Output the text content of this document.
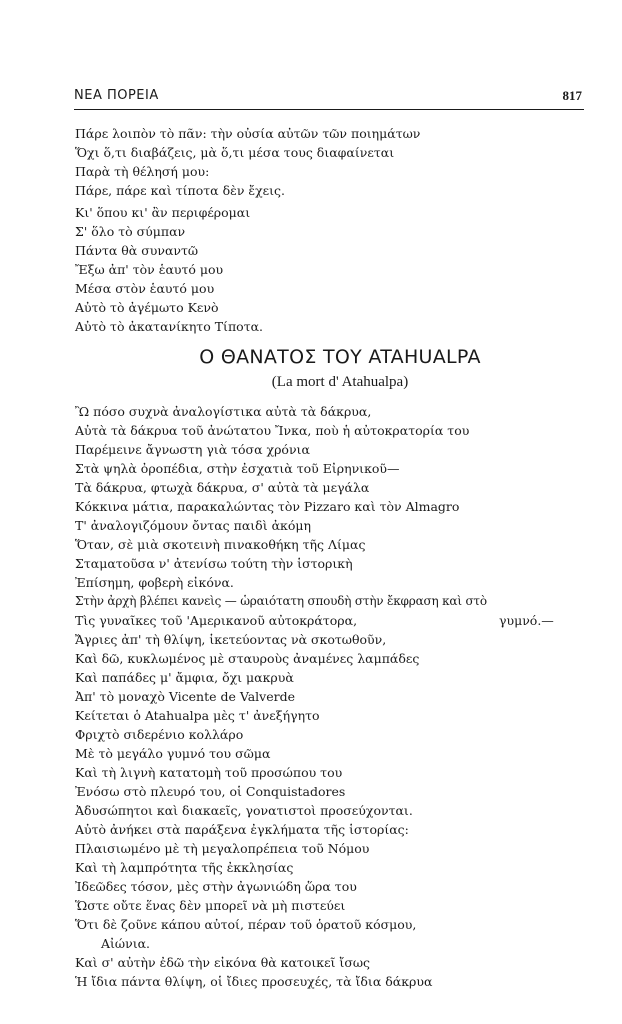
ΝΕΑ ΠΟΡΕΙΑ	817
Πάρε λοιπὸν τὸ πᾶν: τὴν οὐσία αὐτῶν τῶν ποιημάτων
Ὅχι ὅ,τι διαβάζεις, μὰ ὅ,τι μέσα τους διαφαίνεται
Παρὰ τὴ θέλησή μου:
Πάρε, πάρε καὶ τίποτα δὲν ἔχεις.
Κι' ὅπου κι' ἂν περιφέρομαι
Σ' ὅλο τὸ σύμπαν
Πάντα θὰ συναντῶ
Ἔξω ἀπ' τὸν ἑαυτό μου
Μέσα στὸν ἑαυτό μου
Αὐτὸ τὸ ἀγέμωτο Κενὸ
Αὐτὸ τὸ ἀκατανίκητο Τίποτα.
Ο ΘΑΝΑΤΟΣ ΤΟΥ ATAHUALPA
(La mort d' Atahualpa)
Ὢ πόσο συχνὰ ἀναλογίστικα αὐτὰ τὰ δάκρυα,
Αὐτὰ τὰ δάκρυα τοῦ ἀνώτατου Ἴνκα, ποὺ ἡ αὐτοκρατορία του
Παρέμεινε ἄγνωστη γιὰ τόσα χρόνια
Στὰ ψηλὰ ὀροπέδια, στὴν ἐσχατιὰ τοῦ Εἰρηνικοῦ—
Τὰ δάκρυα, φτωχὰ δάκρυα, σ' αὐτὰ τὰ μεγάλα
Κόκκινα μάτια, παρακαλώντας τὸν Pizzaro καὶ τὸν Almagro
Τ' ἀναλογιζόμουν ὄντας παιδὶ ἀκόμη
Ὅταν, σὲ μιὰ σκοτεινὴ πινακοθήκη τῆς Λίμας
Σταματοῦσα ν' ἀτενίσω τούτη τὴν ἱστορικὴ
Ἐπίσημη, φοβερὴ εἰκόνα.
Στὴν ἀρχὴ βλέπει κανεὶς — ὡραιότατη σπουδὴ στὴν ἔκφραση καὶ στὸ
γυμνό.—
Τὶς γυναῖκες τοῦ 'Αμερικανοῦ αὐτοκράτορα,
Ἄγριες ἀπ' τὴ θλίψη, ἱκετεύοντας νὰ σκοτωθοῦν,
Καὶ δῶ, κυκλωμένος μὲ σταυροὺς ἀναμένες λαμπάδες
Καὶ παπάδες μ' ἄμφια, ὄχι μακρυὰ
Ἀπ' τὸ μοναχὸ Vicente de Valverde
Κείτεται ὁ Atahualpa μὲς τ' ἀνεξήγητο
Φριχτὸ σιδερένιο κολλάρο
Μὲ τὸ μεγάλο γυμνό του σῶμα
Καὶ τὴ λιγνὴ κατατομὴ τοῦ προσώπου του
Ἐνόσω στὸ πλευρό του, οἱ Conquistadores
Ἀδυσώπητοι καὶ διακαεῖς, γονατιστοὶ προσεύχονται.
Αὐτὸ ἀνήκει στὰ παράξενα ἐγκλήματα τῆς ἱστορίας:
Πλαισιωμένο μὲ τὴ μεγαλοπρέπεια τοῦ Νόμου
Καὶ τὴ λαμπρότητα τῆς ἐκκλησίας
Ἰδεῶδες τόσον, μὲς στὴν ἀγωνιώδη ὥρα του
Ὥστε οὔτε ἕνας δὲν μπορεῖ νὰ μὴ πιστεύει
Ὅτι δὲ ζοῦνε κάπου αὐτοί, πέραν τοῦ ὁρατοῦ κόσμου,
Αἰώνια.
Καὶ σ' αὐτὴν ἐδῶ τὴν εἰκόνα θὰ κατοικεῖ ἴσως
Ἡ ἴδια πάντα θλίψη, οἱ ἴδιες προσευχές, τὰ ἴδια δάκρυα
